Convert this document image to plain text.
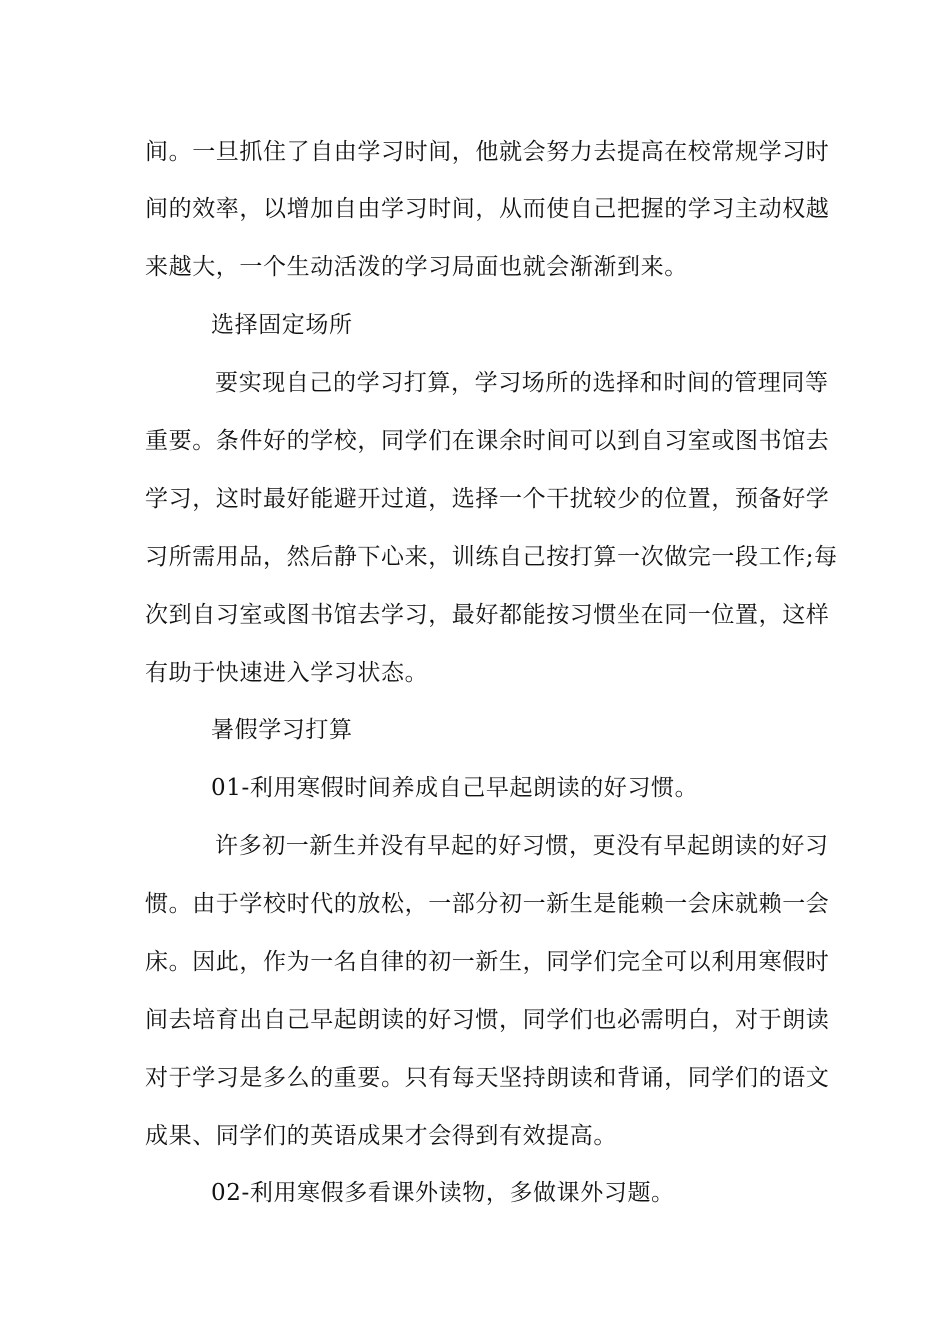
间。一旦抓住了自由学习时间，他就会努力去提高在校常规学习时
间的效率，以增加自由学习时间，从而使自己把握的学习主动权越
来越大，一个生动活泼的学习局面也就会渐渐到来。
选择固定场所
要实现自己的学习打算，学习场所的选择和时间的管理同等
重要。条件好的学校，同学们在课余时间可以到自习室或图书馆去
学习，这时最好能避开过道，选择一个干扰较少的位置，预备好学
习所需用品，然后静下心来，训练自己按打算一次做完一段工作;每
次到自习室或图书馆去学习，最好都能按习惯坐在同一位置，这样
有助于快速进入学习状态。
暑假学习打算
01-利用寒假时间养成自己早起朗读的好习惯。
许多初一新生并没有早起的好习惯，更没有早起朗读的好习
惯。由于学校时代的放松，一部分初一新生是能赖一会床就赖一会
床。因此，作为一名自律的初一新生，同学们完全可以利用寒假时
间去培育出自己早起朗读的好习惯，同学们也必需明白，对于朗读
对于学习是多么的重要。只有每天坚持朗读和背诵，同学们的语文
成果、同学们的英语成果才会得到有效提高。
02-利用寒假多看课外读物，多做课外习题。
